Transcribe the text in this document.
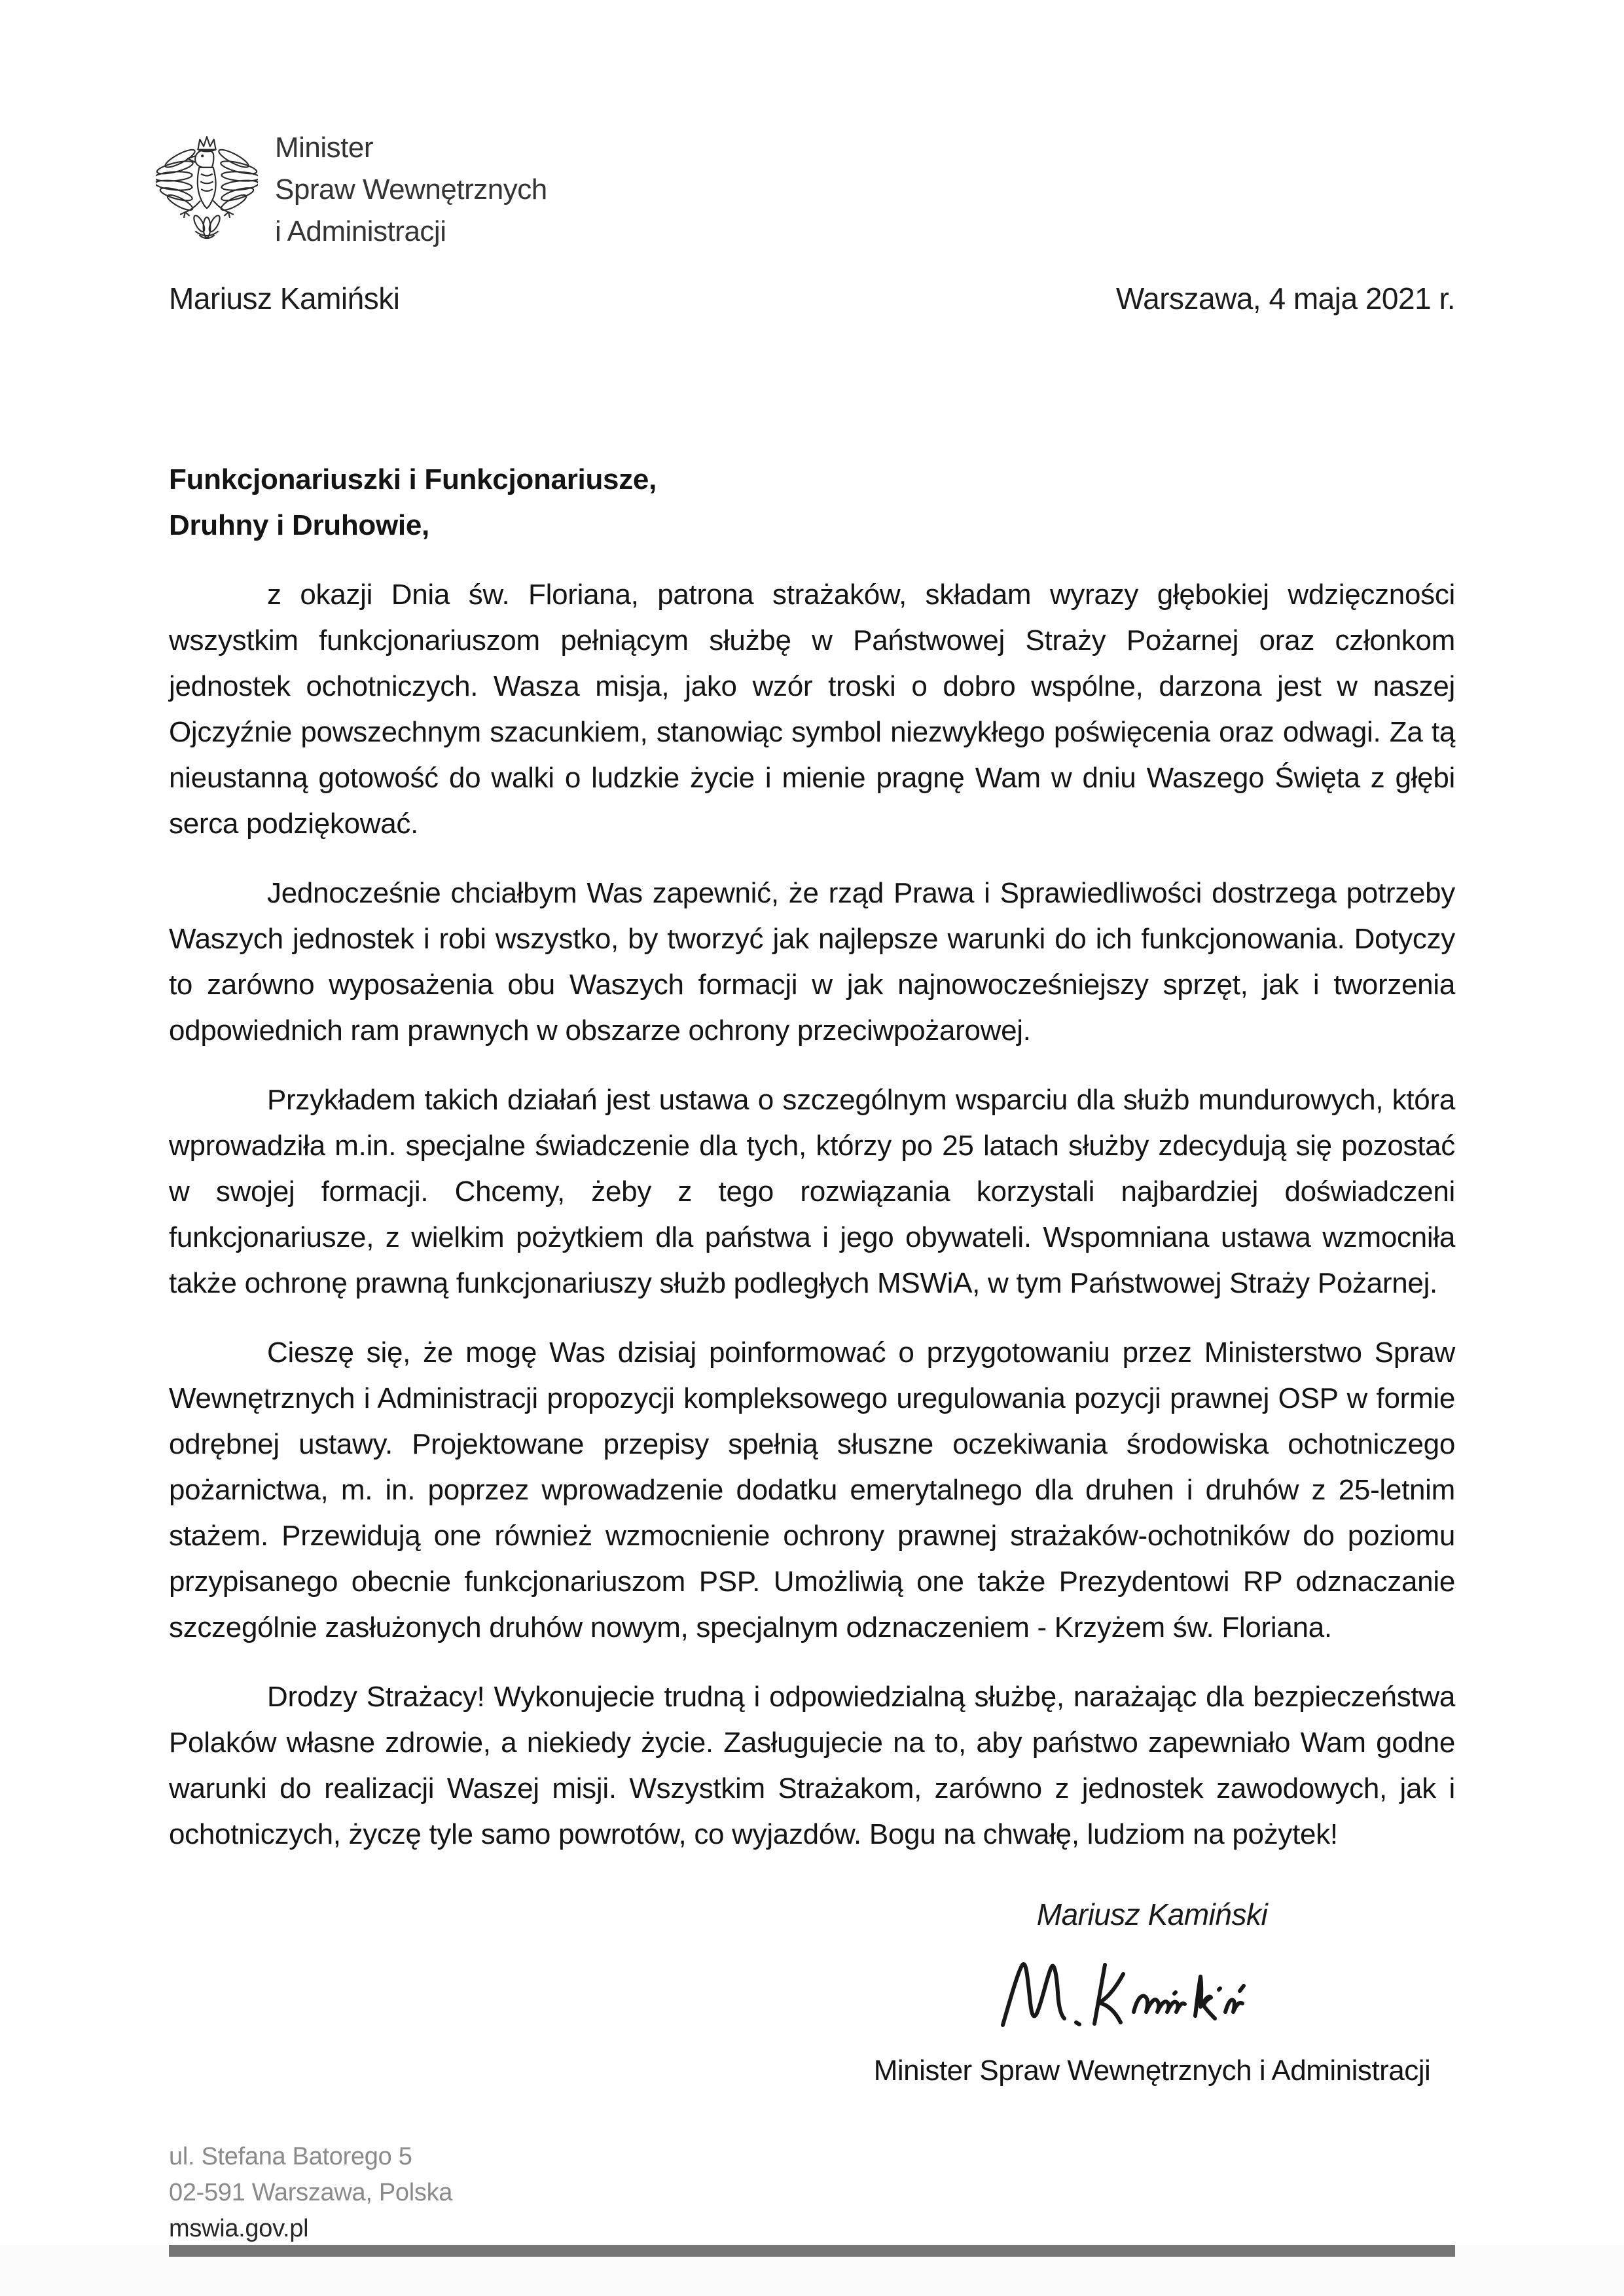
Minister
Spraw Wewnętrznych
i Administracji
Mariusz Kamiński	Warszawa, 4 maja 2021 r.
Funkcjonariuszki i Funkcjonariusze,
Druhny i Druhowie,

z okazji Dnia św. Floriana, patrona strażaków, składam wyrazy głębokiej wdzięczności wszystkim funkcjonariuszom pełniącym służbę w Państwowej Straży Pożarnej oraz członkom jednostek ochotniczych. Wasza misja, jako wzór troski o dobro wspólne, darzona jest w naszej Ojczyźnie powszechnym szacunkiem, stanowiąc symbol niezwykłego poświęcenia oraz odwagi. Za tą nieustanną gotowość do walki o ludzkie życie i mienie pragnę Wam w dniu Waszego Święta z głębi serca podziękować.

Jednocześnie chciałbym Was zapewnić, że rząd Prawa i Sprawiedliwości dostrzega potrzeby Waszych jednostek i robi wszystko, by tworzyć jak najlepsze warunki do ich funkcjonowania. Dotyczy to zarówno wyposażenia obu Waszych formacji w jak najnowocześniejszy sprzęt, jak i tworzenia odpowiednich ram prawnych w obszarze ochrony przeciwpożarowej.

Przykładem takich działań jest ustawa o szczególnym wsparciu dla służb mundurowych, która wprowadziła m.in. specjalne świadczenie dla tych, którzy po 25 latach służby zdecydują się pozostać w swojej formacji. Chcemy, żeby z tego rozwiązania korzystali najbardziej doświadczeni funkcjonariusze, z wielkim pożytkiem dla państwa i jego obywateli. Wspomniana ustawa wzmocniła także ochronę prawną funkcjonariuszy służb podległych MSWiA, w tym Państwowej Straży Pożarnej.

Cieszę się, że mogę Was dzisiaj poinformować o przygotowaniu przez Ministerstwo Spraw Wewnętrznych i Administracji propozycji kompleksowego uregulowania pozycji prawnej OSP w formie odrębnej ustawy. Projektowane przepisy spełnią słuszne oczekiwania środowiska ochotniczego pożarnictwa, m. in. poprzez wprowadzenie dodatku emerytalnego dla druhen i druhów z 25-letnim stażem. Przewidują one również wzmocnienie ochrony prawnej strażaków-ochotników do poziomu przypisanego obecnie funkcjonariuszom PSP. Umożliwią one także Prezydentowi RP odznaczanie szczególnie zasłużonych druhów nowym, specjalnym odznaczeniem - Krzyżem św. Floriana.

Drodzy Strażacy! Wykonujecie trudną i odpowiedzialną służbę, narażając dla bezpieczeństwa Polaków własne zdrowie, a niekiedy życie. Zasługujecie na to, aby państwo zapewniało Wam godne warunki do realizacji Waszej misji. Wszystkim Strażakom, zarówno z jednostek zawodowych, jak i ochotniczych, życzę tyle samo powrotów, co wyjazdów. Bogu na chwałę, ludziom na pożytek!

Mariusz Kamiński
Minister Spraw Wewnętrznych i Administracji
ul. Stefana Batorego 5
02-591 Warszawa, Polska
mswia.gov.pl
